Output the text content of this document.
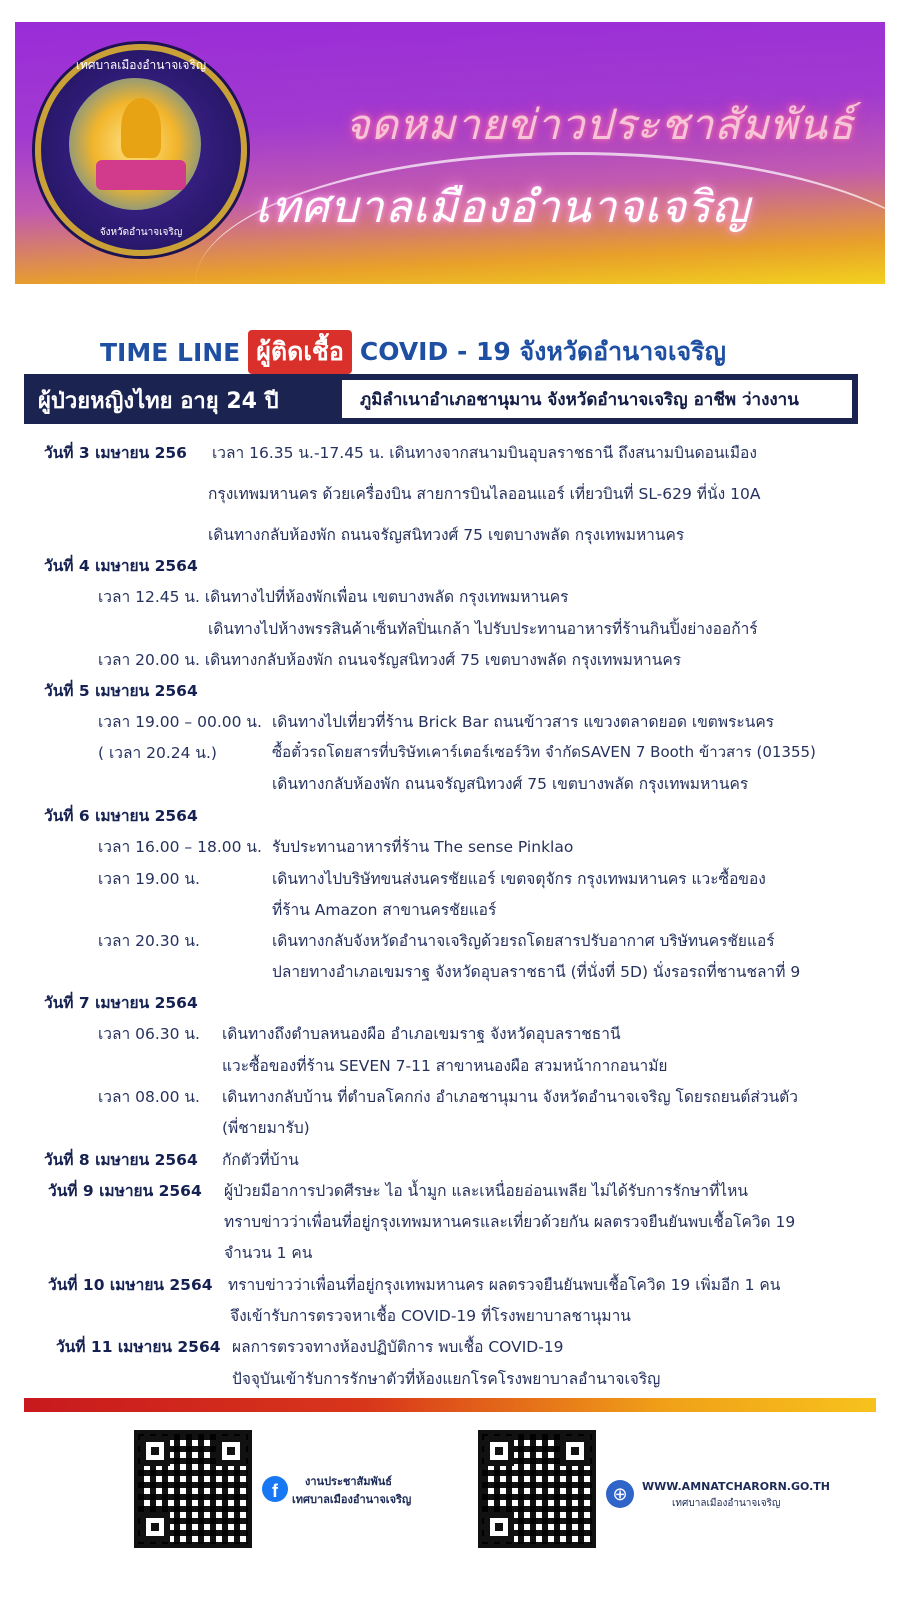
เทศบาลเมืองอำนาจเจริญ
จังหวัดอำนาจเจริญ
จดหมายข่าวประชาสัมพันธ์
เทศบาลเมืองอำนาจเจริญ
TIME LINE ผู้ติดเชื้อ COVID - 19 จังหวัดอำนาจเจริญ
ผู้ป่วยหญิงไทย อายุ 24 ปี	ภูมิลำเนาอำเภอชานุมาน จังหวัดอำนาจเจริญ อาชีพ ว่างงาน
วันที่ 3 เมษายน 256 เวลา 16.35 น.-17.45 น. เดินทางจากสนามบินอุบลราชธานี ถึงสนามบินดอนเมือง
กรุงเทพมหานคร ด้วยเครื่องบิน สายการบินไลออนแอร์ เที่ยวบินที่ SL-629 ที่นั่ง 10A
เดินทางกลับห้องพัก ถนนจรัญสนิทวงศ์ 75 เขตบางพลัด กรุงเทพมหานคร
วันที่ 4 เมษายน 2564
เวลา 12.45 น. เดินทางไปที่ห้องพักเพื่อน เขตบางพลัด กรุงเทพมหานคร
เดินทางไปห้างพรรสินค้าเซ็นทัลปิ่นเกล้า ไปรับประทานอาหารที่ร้านกินปิ้งย่างออก้าร์
เวลา 20.00 น. เดินทางกลับห้องพัก ถนนจรัญสนิทวงศ์ 75 เขตบางพลัด กรุงเทพมหานคร
วันที่ 5 เมษายน 2564
เวลา 19.00 – 00.00 น. เดินทางไปเที่ยวที่ร้าน Brick Bar ถนนข้าวสาร แขวงตลาดยอด เขตพระนคร
( เวลา 20.24 น.)	ซื้อตั๋วรถโดยสารที่บริษัทเคาร์เตอร์เซอร์วิท จำกัดSAVEN 7 Booth ข้าวสาร (01355)
เดินทางกลับห้องพัก ถนนจรัญสนิทวงศ์ 75 เขตบางพลัด กรุงเทพมหานคร
วันที่ 6 เมษายน 2564
เวลา 16.00 – 18.00 น. รับประทานอาหารที่ร้าน The sense Pinklao
เวลา 19.00 น.	เดินทางไปบริษัทขนส่งนครชัยแอร์ เขตจตุจักร กรุงเทพมหานคร แวะซื้อของ
ที่ร้าน Amazon สาขานครชัยแอร์
เวลา 20.30 น.	เดินทางกลับจังหวัดอำนาจเจริญด้วยรถโดยสารปรับอากาศ บริษัทนครชัยแอร์
ปลายทางอำเภอเขมราฐ จังหวัดอุบลราชธานี (ที่นั่งที่ 5D) นั่งรอรถที่ชานชลาที่ 9
วันที่ 7 เมษายน 2564
เวลา 06.30 น. เดินทางถึงตำบลหนองผือ อำเภอเขมราฐ จังหวัดอุบลราชธานี
แวะซื้อของที่ร้าน SEVEN 7-11 สาขาหนองผือ สวมหน้ากากอนามัย
เวลา 08.00 น. เดินทางกลับบ้าน ที่ตำบลโคกก่ง อำเภอชานุมาน จังหวัดอำนาจเจริญ โดยรถยนต์ส่วนตัว
(พี่ชายมารับ)
วันที่ 8 เมษายน 2564 กักตัวที่บ้าน
วันที่ 9 เมษายน 2564 ผู้ป่วยมีอาการปวดศีรษะ ไอ น้ำมูก และเหนื่อยอ่อนเพลีย ไม่ได้รับการรักษาที่ไหน
ทราบข่าวว่าเพื่อนที่อยู่กรุงเทพมหานครและเที่ยวด้วยกัน ผลตรวจยืนยันพบเชื้อโควิด 19
จำนวน 1 คน
วันที่ 10 เมษายน 2564 ทราบข่าวว่าเพื่อนที่อยู่กรุงเทพมหานคร ผลตรวจยืนยันพบเชื้อโควิด 19 เพิ่มอีก 1 คน
จึงเข้ารับการตรวจหาเชื้อ COVID-19 ที่โรงพยาบาลชานุมาน
วันที่ 11 เมษายน 2564 ผลการตรวจทางห้องปฏิบัติการ พบเชื้อ COVID-19
ปัจจุบันเข้ารับการรักษาตัวที่ห้องแยกโรคโรงพยาบาลอำนาจเจริญ
f	งานประชาสัมพันธ์
เทศบาลเมืองอำนาจเจริญ	⊕	WWW.AMNATCHARORN.GO.TH
เทศบาลเมืองอำนาจเจริญ
